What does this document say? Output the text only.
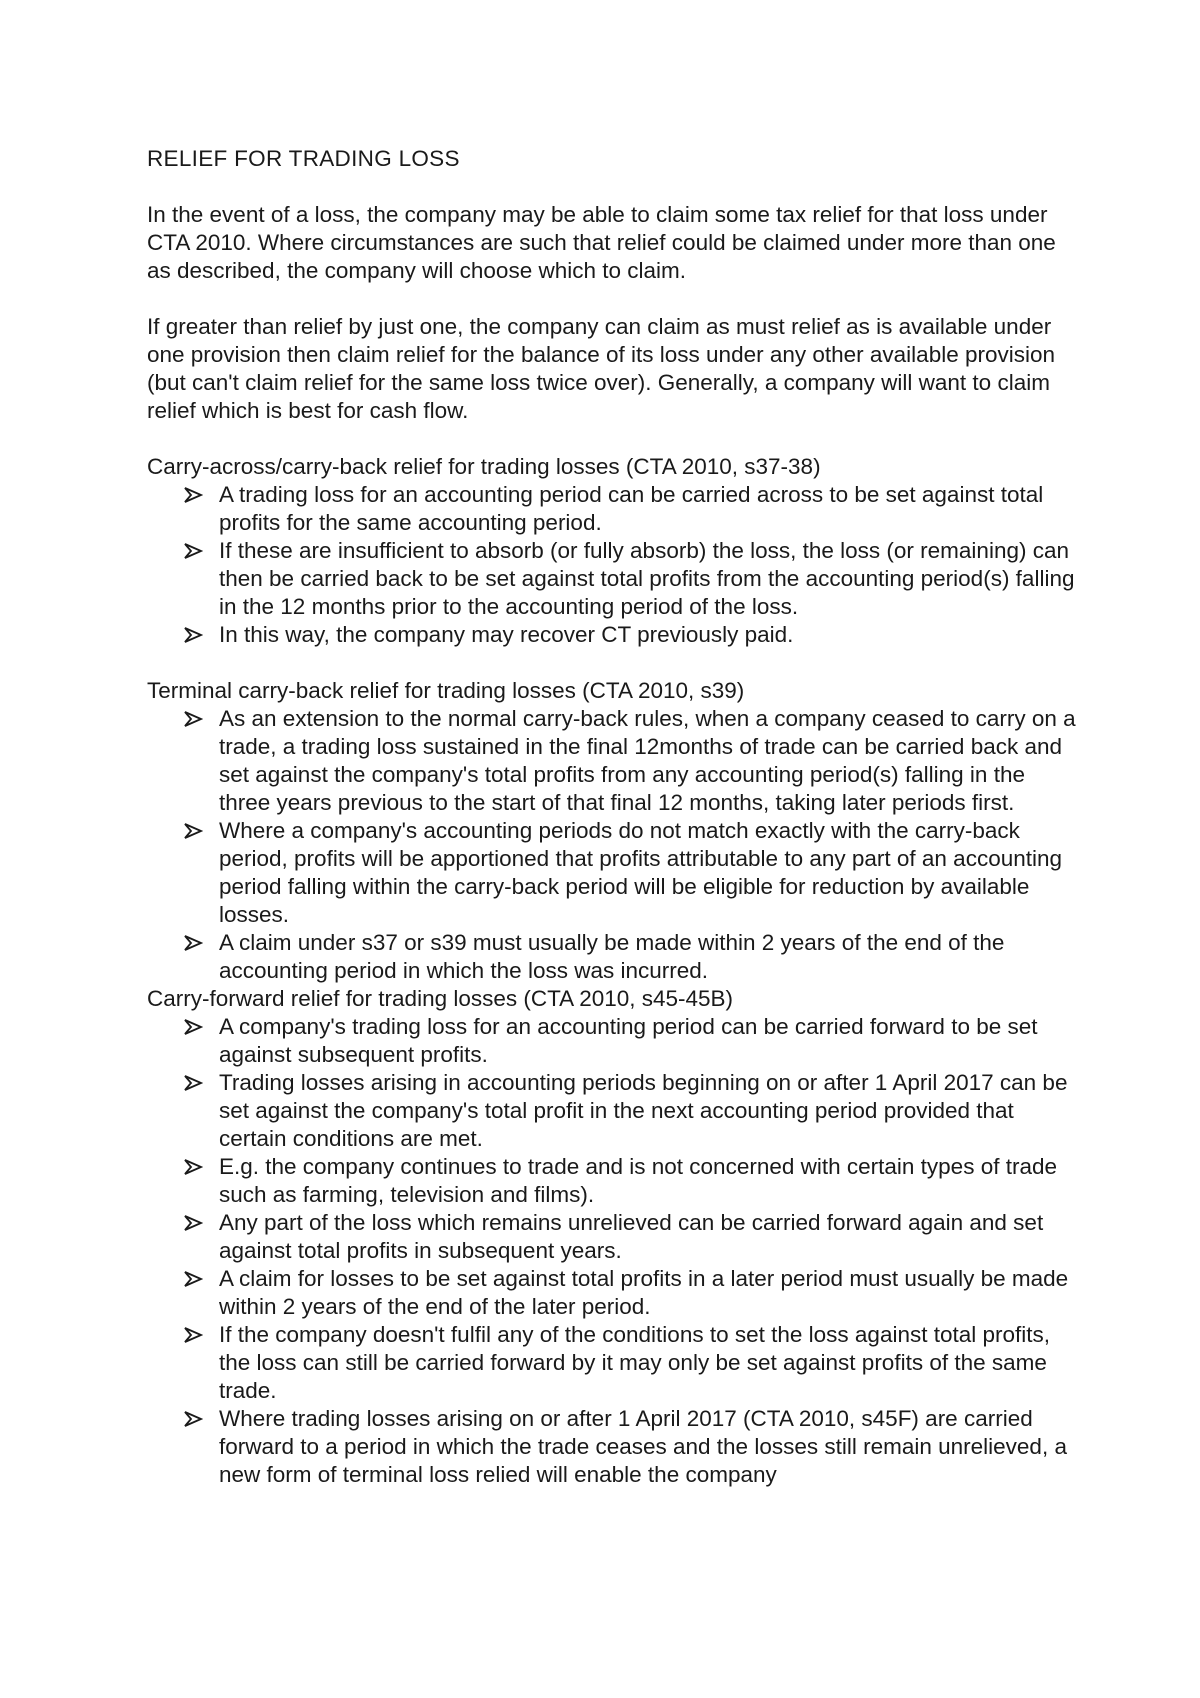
RELIEF FOR TRADING LOSS
In the event of a loss, the company may be able to claim some tax relief for that loss under CTA 2010. Where circumstances are such that relief could be claimed under more than one as described, the company will choose which to claim.
If greater than relief by just one, the company can claim as must relief as is available under one provision then claim relief for the balance of its loss under any other available provision (but can't claim relief for the same loss twice over). Generally, a company will want to claim relief which is best for cash flow.
Carry-across/carry-back relief for trading losses (CTA 2010, s37-38)
A trading loss for an accounting period can be carried across to be set against total profits for the same accounting period.
If these are insufficient to absorb (or fully absorb) the loss, the loss (or remaining) can then be carried back to be set against total profits from the accounting period(s) falling in the 12 months prior to the accounting period of the loss.
In this way, the company may recover CT previously paid.
Terminal carry-back relief for trading losses (CTA 2010, s39)
As an extension to the normal carry-back rules, when a company ceased to carry on a trade, a trading loss sustained in the final 12months of trade can be carried back and set against the company's total profits from any accounting period(s) falling in the three years previous to the start of that final 12 months, taking later periods first.
Where a company's accounting periods do not match exactly with the carry-back period, profits will be apportioned that profits attributable to any part of an accounting period falling within the carry-back period will be eligible for reduction by available losses.
A claim under s37 or s39 must usually be made within 2 years of the end of the accounting period in which the loss was incurred.
Carry-forward relief for trading losses (CTA 2010, s45-45B)
A company's trading loss for an accounting period can be carried forward to be set against subsequent profits.
Trading losses arising in accounting periods beginning on or after 1 April 2017 can be set against the company's total profit in the next accounting period provided that certain conditions are met.
E.g. the company continues to trade and is not concerned with certain types of trade such as farming, television and films).
Any part of the loss which remains unrelieved can be carried forward again and set against total profits in subsequent years.
A claim for losses to be set against total profits in a later period must usually be made within 2 years of the end of the later period.
If the company doesn't fulfil any of the conditions to set the loss against total profits, the loss can still be carried forward by it may only be set against profits of the same trade.
Where trading losses arising on or after 1 April 2017 (CTA 2010, s45F) are carried forward to a period in which the trade ceases and the losses still remain unrelieved, a new form of terminal loss relied will enable the company
